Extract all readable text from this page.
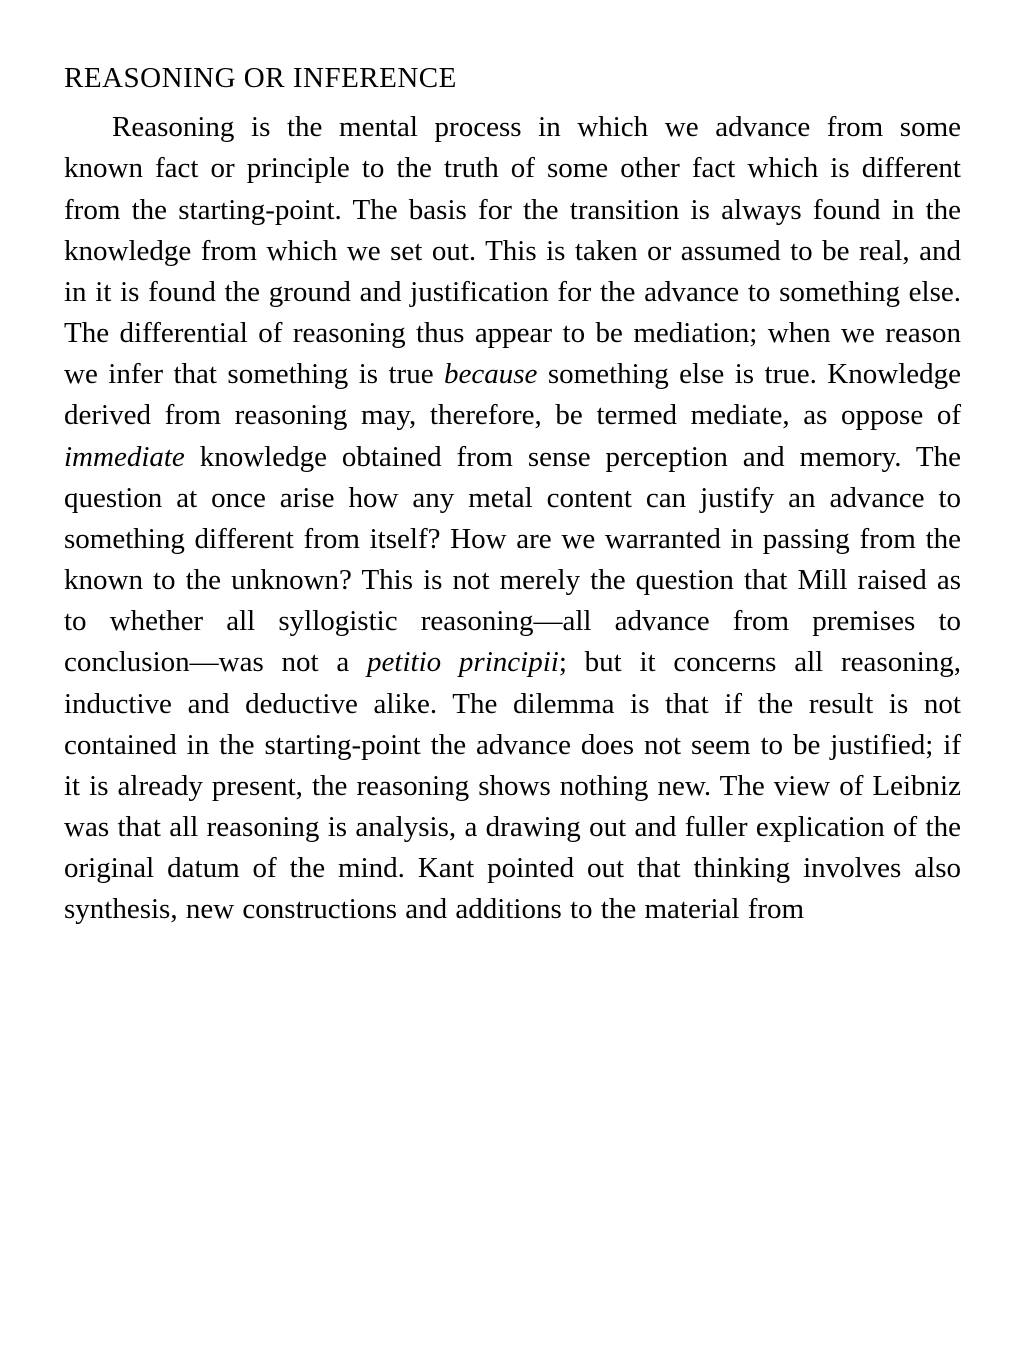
REASONING OR INFERENCE

Reasoning is the mental process in which we advance from some known fact or principle to the truth of some other fact which is different from the starting-point. The basis for the transition is always found in the knowledge from which we set out. This is taken or assumed to be real, and in it is found the ground and justification for the advance to something else. The differential of reasoning thus appear to be mediation; when we reason we infer that something is true because something else is true. Knowledge derived from reasoning may, therefore, be termed mediate, as oppose of immediate knowledge obtained from sense perception and memory. The question at once arise how any metal content can justify an advance to something different from itself? How are we warranted in passing from the known to the unknown? This is not merely the question that Mill raised as to whether all syllogistic reasoning—all advance from premises to conclusion—was not a petitio principii; but it concerns all reasoning, inductive and deductive alike. The dilemma is that if the result is not contained in the starting-point the advance does not seem to be justified; if it is already present, the reasoning shows nothing new. The view of Leibniz was that all reasoning is analysis, a drawing out and fuller explication of the original datum of the mind. Kant pointed out that thinking involves also synthesis, new constructions and additions to the material from
